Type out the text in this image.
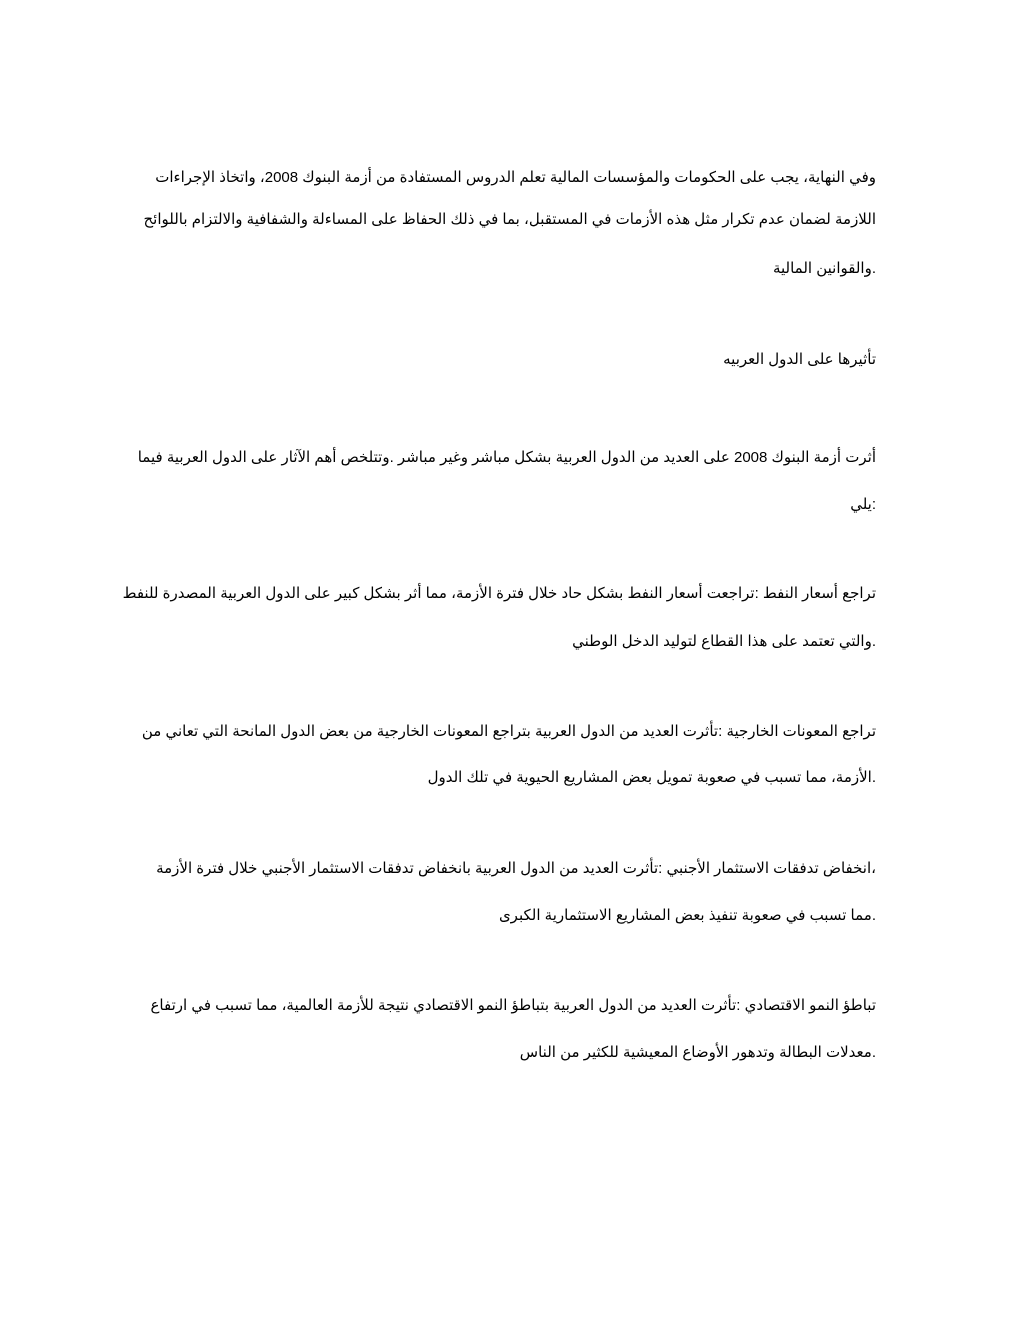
وفي النهاية، يجب على الحكومات والمؤسسات المالية تعلم الدروس المستفادة من أزمة البنوك 2008، واتخاذ الإجراءات
اللازمة لضمان عدم تكرار مثل هذه الأزمات في المستقبل، بما في ذلك الحفاظ على المساءلة والشفافية والالتزام باللوائح
.والقوانين المالية
تأثيرها على الدول العربيه
أثرت أزمة البنوك 2008 على العديد من الدول العربية بشكل مباشر وغير مباشر .وتتلخص أهم الآثار على الدول العربية فيما
:يلي
تراجع أسعار النفط :تراجعت أسعار النفط بشكل حاد خلال فترة الأزمة، مما أثر بشكل كبير على الدول العربية المصدرة للنفط
.والتي تعتمد على هذا القطاع لتوليد الدخل الوطني
تراجع المعونات الخارجية :تأثرت العديد من الدول العربية بتراجع المعونات الخارجية من بعض الدول المانحة التي تعاني من
.الأزمة، مما تسبب في صعوبة تمويل بعض المشاريع الحيوية في تلك الدول
،انخفاض تدفقات الاستثمار الأجنبي :تأثرت العديد من الدول العربية بانخفاض تدفقات الاستثمار الأجنبي خلال فترة الأزمة
.مما تسبب في صعوبة تنفيذ بعض المشاريع الاستثمارية الكبرى
تباطؤ النمو الاقتصادي :تأثرت العديد من الدول العربية بتباطؤ النمو الاقتصادي نتيجة للأزمة العالمية، مما تسبب في ارتفاع
.معدلات البطالة وتدهور الأوضاع المعيشية للكثير من الناس
